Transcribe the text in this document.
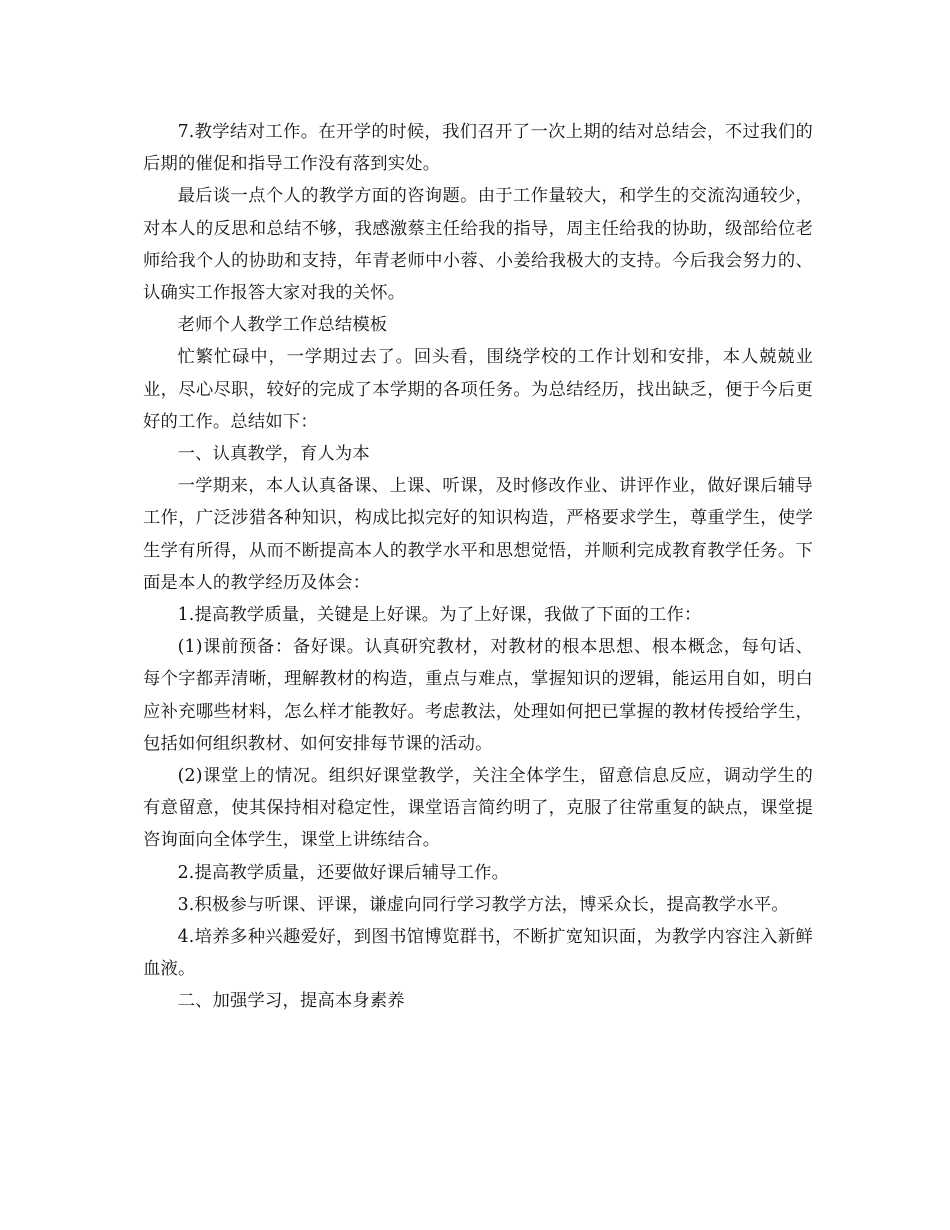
7.教学结对工作。在开学的时候，我们召开了一次上期的结对总结会，不过我们的后期的催促和指导工作没有落到实处。

最后谈一点个人的教学方面的咨询题。由于工作量较大，和学生的交流沟通较少，对本人的反思和总结不够，我感激蔡主任给我的指导，周主任给我的协助，级部给位老师给我个人的协助和支持，年青老师中小蓉、小姜给我极大的支持。今后我会努力的、认确实工作报答大家对我的关怀。

老师个人教学工作总结模板

忙繁忙碌中，一学期过去了。回头看，围绕学校的工作计划和安排，本人兢兢业业，尽心尽职，较好的完成了本学期的各项任务。为总结经历，找出缺乏，便于今后更好的工作。总结如下：

一、认真教学，育人为本

一学期来，本人认真备课、上课、听课，及时修改作业、讲评作业，做好课后辅导工作，广泛涉猎各种知识，构成比拟完好的知识构造，严格要求学生，尊重学生，使学生学有所得，从而不断提高本人的教学水平和思想觉悟，并顺利完成教育教学任务。下面是本人的教学经历及体会：

1.提高教学质量，关键是上好课。为了上好课，我做了下面的工作：

(1)课前预备：备好课。认真研究教材，对教材的根本思想、根本概念，每句话、每个字都弄清晰，理解教材的构造，重点与难点，掌握知识的逻辑，能运用自如，明白应补充哪些材料，怎么样才能教好。考虑教法，处理如何把已掌握的教材传授给学生，包括如何组织教材、如何安排每节课的活动。

(2)课堂上的情况。组织好课堂教学，关注全体学生，留意信息反应，调动学生的有意留意，使其保持相对稳定性，课堂语言简约明了，克服了往常重复的缺点，课堂提咨询面向全体学生，课堂上讲练结合。

2.提高教学质量，还要做好课后辅导工作。

3.积极参与听课、评课，谦虚向同行学习教学方法，博采众长，提高教学水平。

4.培养多种兴趣爱好，到图书馆博览群书，不断扩宽知识面，为教学内容注入新鲜血液。

二、加强学习，提高本身素养
